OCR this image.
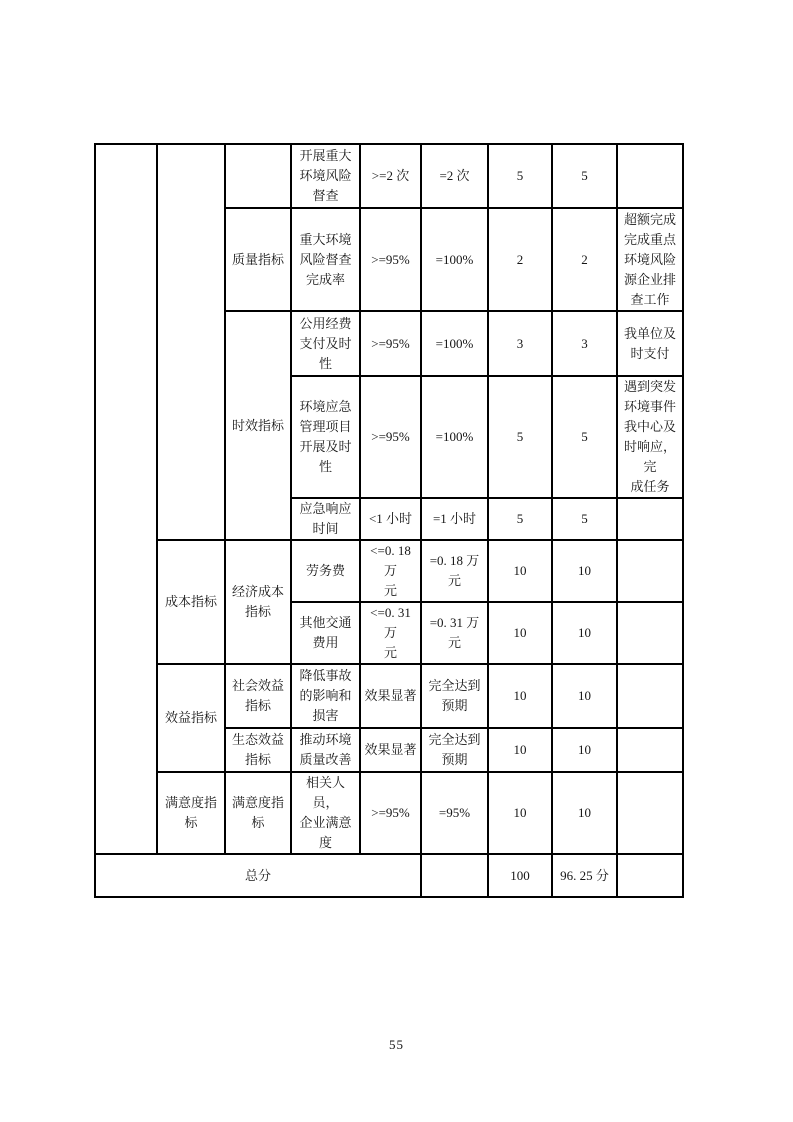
			开展重大
环境风险
督查	>=2 次	=2 次	5	5	
		质量指标	重大环境
风险督查
完成率	>=95%	=100%	2	2	超额完成
完成重点
环境风险
源企业排
查工作
		时效指标	公用经费
支付及时
性	>=95%	=100%	3	3	我单位及
时支付
			环境应急
管理项目
开展及时
性	>=95%	=100%	5	5	遇到突发
环境事件
我中心及
时响应，完
成任务
			应急响应
时间	<1 小时	=1 小时	5	5	
	成本指标	经济成本
指标	劳务费	<=0. 18 万
元	=0. 18 万元	10	10	
			其他交通
费用	<=0. 31 万
元	=0. 31 万元	10	10	
	效益指标	社会效益
指标	降低事故
的影响和
损害	效果显著	完全达到
预期	10	10	
		生态效益
指标	推动环境
质量改善	效果显著	完全达到
预期	10	10	
	满意度指
标	满意度指
标	相关人员，
企业满意
度	>=95%	=95%	10	10	
总分						100	96. 25 分	
55
